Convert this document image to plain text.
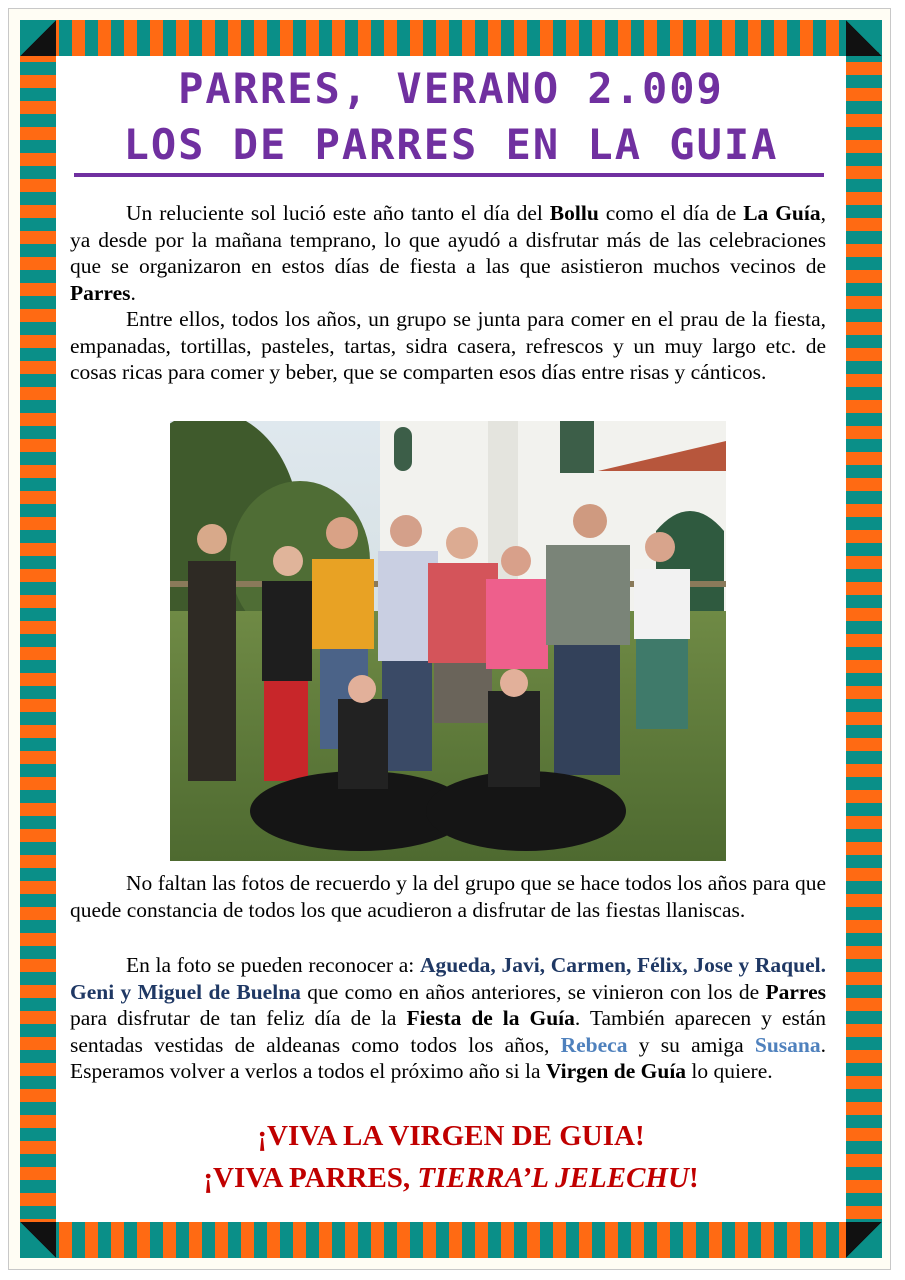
PARRES, VERANO 2.009
LOS DE PARRES EN LA GUIA

Un reluciente sol lució este año tanto el día del Bollu como el día de La Guía, ya desde por la mañana temprano, lo que ayudó a disfrutar más de las celebraciones que se organizaron en estos días de fiesta a las que asistieron muchos vecinos de Parres.

Entre ellos, todos los años, un grupo se junta para comer en el prau de la fiesta, empanadas, tortillas, pasteles, tartas, sidra casera, refrescos y un muy largo etc. de cosas ricas para comer y beber, que se comparten esos días entre risas y cánticos.

No faltan las fotos de recuerdo y la del grupo que se hace todos los años para que quede constancia de todos los que acudieron a disfrutar de las fiestas llaniscas.

En la foto se pueden reconocer a: Agueda, Javi, Carmen, Félix, Jose y Raquel. Geni y Miguel de Buelna que como en años anteriores, se vinieron con los de Parres para disfrutar de tan feliz día de la Fiesta de la Guía. También aparecen y están sentadas vestidas de aldeanas como todos los años, Rebeca y su amiga Susana. Esperamos volver a verlos a todos el próximo año si la Virgen de Guía lo quiere.

¡VIVA LA VIRGEN DE GUIA!

¡VIVA PARRES, TIERRA’L JELECHU!
